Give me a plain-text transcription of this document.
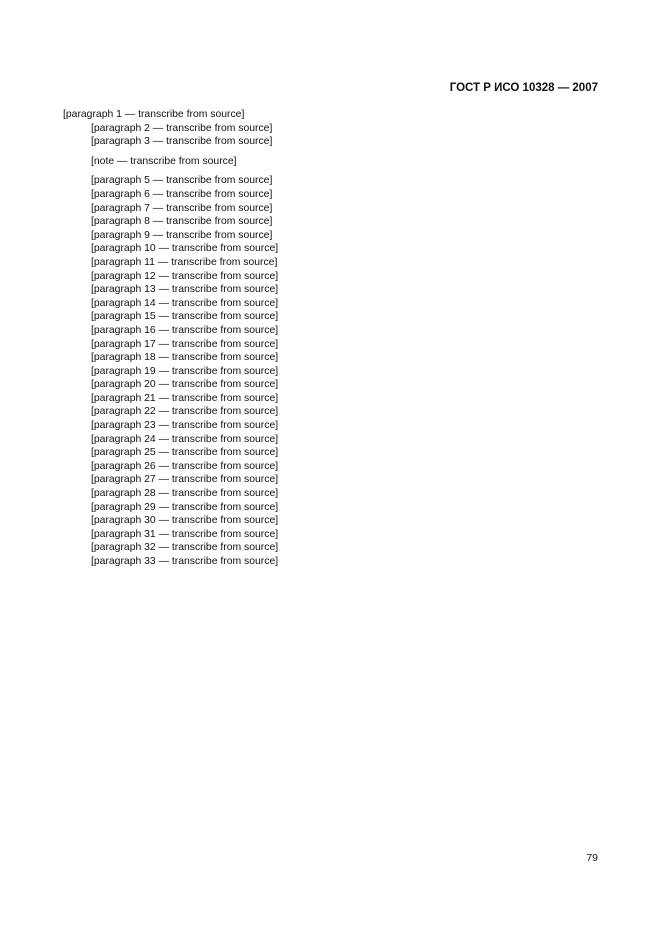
ГОСТ Р ИСО 10328 — 2007

[paragraph 1 — transcribe from source]

[paragraph 2 — transcribe from source]

[paragraph 3 — transcribe from source]

[note — transcribe from source]

[paragraph 5 — transcribe from source]

[paragraph 6 — transcribe from source]

[paragraph 7 — transcribe from source]

[paragraph 8 — transcribe from source]

[paragraph 9 — transcribe from source]

[paragraph 10 — transcribe from source]

[paragraph 11 — transcribe from source]

[paragraph 12 — transcribe from source]

[paragraph 13 — transcribe from source]

[paragraph 14 — transcribe from source]

[paragraph 15 — transcribe from source]

[paragraph 16 — transcribe from source]

[paragraph 17 — transcribe from source]

[paragraph 18 — transcribe from source]

[paragraph 19 — transcribe from source]

[paragraph 20 — transcribe from source]

[paragraph 21 — transcribe from source]

[paragraph 22 — transcribe from source]

[paragraph 23 — transcribe from source]

[paragraph 24 — transcribe from source]

[paragraph 25 — transcribe from source]

[paragraph 26 — transcribe from source]

[paragraph 27 — transcribe from source]

[paragraph 28 — transcribe from source]

[paragraph 29 — transcribe from source]

[paragraph 30 — transcribe from source]

[paragraph 31 — transcribe from source]

[paragraph 32 — transcribe from source]

[paragraph 33 — transcribe from source]

79
